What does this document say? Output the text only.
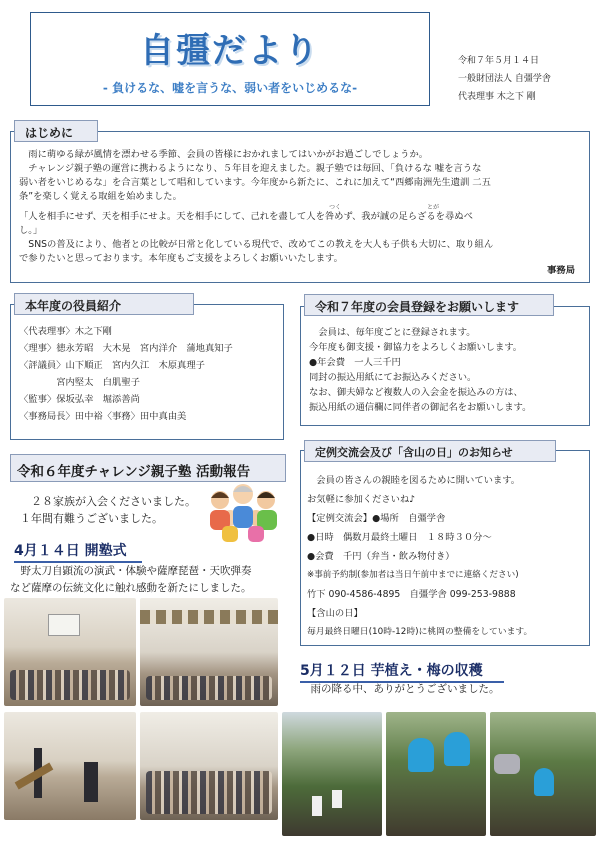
自彊だより
- 負けるな、嘘を言うな、弱い者をいじめるな-
令和７年５月１４日
一般財団法人 自彊学舎
代表理事 木之下 剛
　雨に萌ゆる緑が風情を漂わせる季節、会員の皆様におかれましてはいかがお過ごしでしょうか。
　チャレンジ親子塾の運営に携わるようになり、５年目を迎えました。親子塾では毎回、「負けるな 嘘を言うな
弱い者をいじめるな」を合言葉として唱和しています。今年度から新たに、これに加えて“西郷南洲先生遺訓 二五
条”を楽しく覚える取組を始めました。
「人を相手にせず、天を相手にせよ。天を相手にして、己れを盡して人を咎めず、我が誠の足らざるを尋ぬべ
し。」
　SNSの普及により、他者との比較が日常と化している現代で、改めてこの教えを大人も子供も大切に、取り組ん
で参りたいと思っております。本年度もご支援をよろしくお願いいたします。
つく	とが
事務局
はじめに
〈代表理事〉木之下剛
〈理事〉徳永芳昭　大木晃　宮内洋介　蒲地真知子
〈評議員〉山下順正　宮内久江　木原真理子
　　　　宮内堅太　白肌聖子
〈監事〉保坂弘幸　堀添善尚
〈事務局長〉田中裕〈事務〉田中真由美
本年度の役員紹介
　会員は、毎年度ごとに登録されます。
今年度も御支援・御協力をよろしくお願いします。
●年会費　一人三千円
同封の振込用紙にてお振込みください。
なお、御夫婦など複数人の入会金を振込みの方は、
振込用紙の通信欄に同伴者の御記名をお願いします。
令和７年度の会員登録をお願いします
令和６年度チャレンジ親子塾 活動報告
　２８家族が入会くださいました。
１年間有難うございました。
4月１４日 開塾式
　野太刀自顕流の演武・体験や薩摩琵琶・天吹弾奏
など薩摩の伝統文化に触れ感動を新たにしました。
　会員の皆さんの親睦を図るために開いています。
お気軽に参加くださいね♪
【定例交流会】●場所　自彊学舎
●日時　偶数月最終土曜日　１８時３０分～
●会費　千円（弁当・飲み物付き）
※事前予約制(参加者は当日午前中までに連絡ください)
竹下 090-4586-4895　自彊学舎 099-253-9888
【含山の日】
毎月最終日曜日(10時-12時)に桃岡の整備をしています。
定例交流会及び「含山の日」のお知らせ
5月１２日 芋植え・梅の収穫
　雨の降る中、ありがとうございました。
